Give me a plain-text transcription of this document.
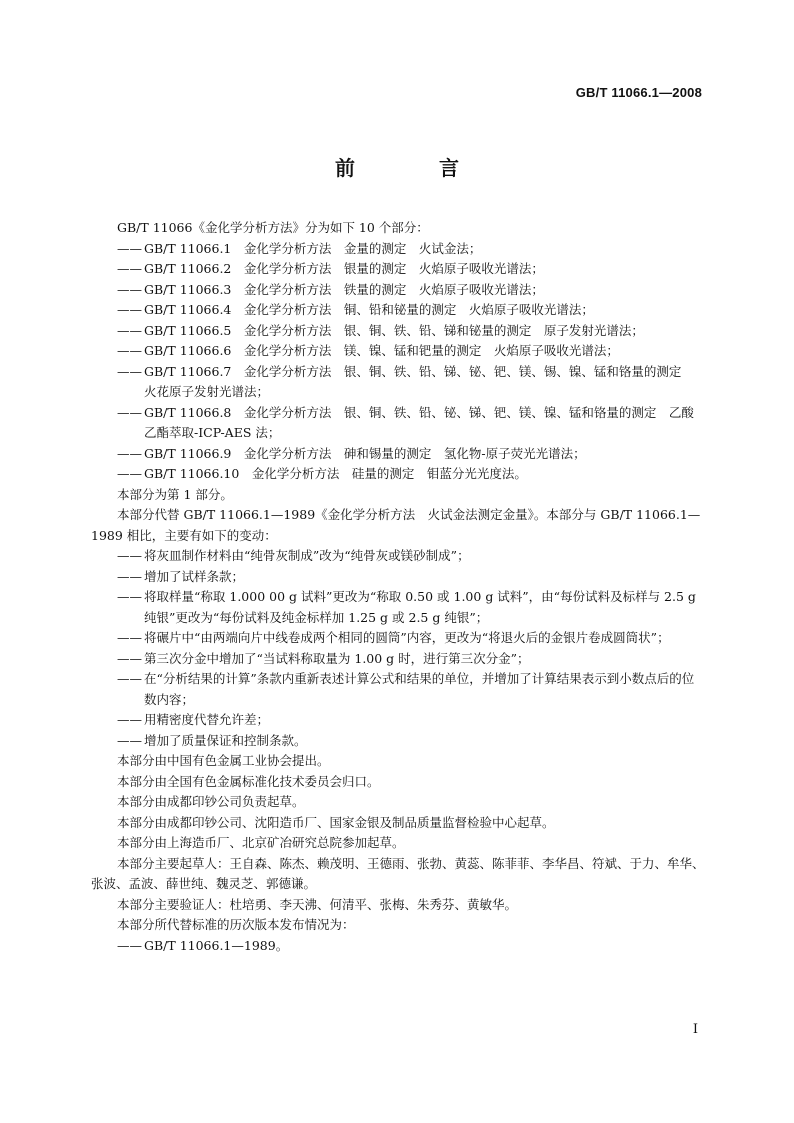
GB/T 11066.1—2008
前　言

GB/T 11066《金化学分析方法》分为如下 10 个部分：

—— GB/T 11066.1　金化学分析方法　金量的测定　火试金法；

—— GB/T 11066.2　金化学分析方法　银量的测定　火焰原子吸收光谱法；

—— GB/T 11066.3　金化学分析方法　铁量的测定　火焰原子吸收光谱法；

—— GB/T 11066.4　金化学分析方法　铜、铅和铋量的测定　火焰原子吸收光谱法；

—— GB/T 11066.5　金化学分析方法　银、铜、铁、铅、锑和铋量的测定　原子发射光谱法；

—— GB/T 11066.6　金化学分析方法　镁、镍、锰和钯量的测定　火焰原子吸收光谱法；

—— GB/T 11066.7　金化学分析方法　银、铜、铁、铅、锑、铋、钯、镁、锡、镍、锰和铬量的测定　火花原子发射光谱法；

—— GB/T 11066.8　金化学分析方法　银、铜、铁、铅、铋、锑、钯、镁、镍、锰和铬量的测定　乙酸乙酯萃取-ICP-AES 法；

—— GB/T 11066.9　金化学分析方法　砷和锡量的测定　氢化物-原子荧光光谱法；

—— GB/T 11066.10　金化学分析方法　硅量的测定　钼蓝分光光度法。

本部分为第 1 部分。

本部分代替 GB/T 11066.1—1989《金化学分析方法　火试金法测定金量》。本部分与 GB/T 11066.1—1989 相比，主要有如下的变动：

—— 将灰皿制作材料由“纯骨灰制成”改为“纯骨灰或镁砂制成”；

—— 增加了试样条款；

—— 将取样量“称取 1.000 00 g 试料”更改为“称取 0.50 或 1.00 g 试料”，由“每份试料及标样与 2.5 g 纯银”更改为“每份试料及纯金标样加 1.25 g 或 2.5 g 纯银”；

—— 将碾片中“由两端向片中线卷成两个相同的圆筒”内容，更改为“将退火后的金银片卷成圆筒状”；

—— 第三次分金中增加了“当试料称取量为 1.00 g 时，进行第三次分金”；

—— 在“分析结果的计算”条款内重新表述计算公式和结果的单位，并增加了计算结果表示到小数点后的位数内容；

—— 用精密度代替允许差；

—— 增加了质量保证和控制条款。

本部分由中国有色金属工业协会提出。

本部分由全国有色金属标准化技术委员会归口。

本部分由成都印钞公司负责起草。

本部分由成都印钞公司、沈阳造币厂、国家金银及制品质量监督检验中心起草。

本部分由上海造币厂、北京矿冶研究总院参加起草。

本部分主要起草人：王自森、陈杰、赖茂明、王德雨、张勃、黄蕊、陈菲菲、李华昌、符斌、于力、牟华、张波、孟波、薛世纯、魏灵芝、郭德谦。

本部分主要验证人：杜培勇、李天沸、何清平、张梅、朱秀芬、黄敏华。

本部分所代替标准的历次版本发布情况为：

—— GB/T 11066.1—1989。

I
